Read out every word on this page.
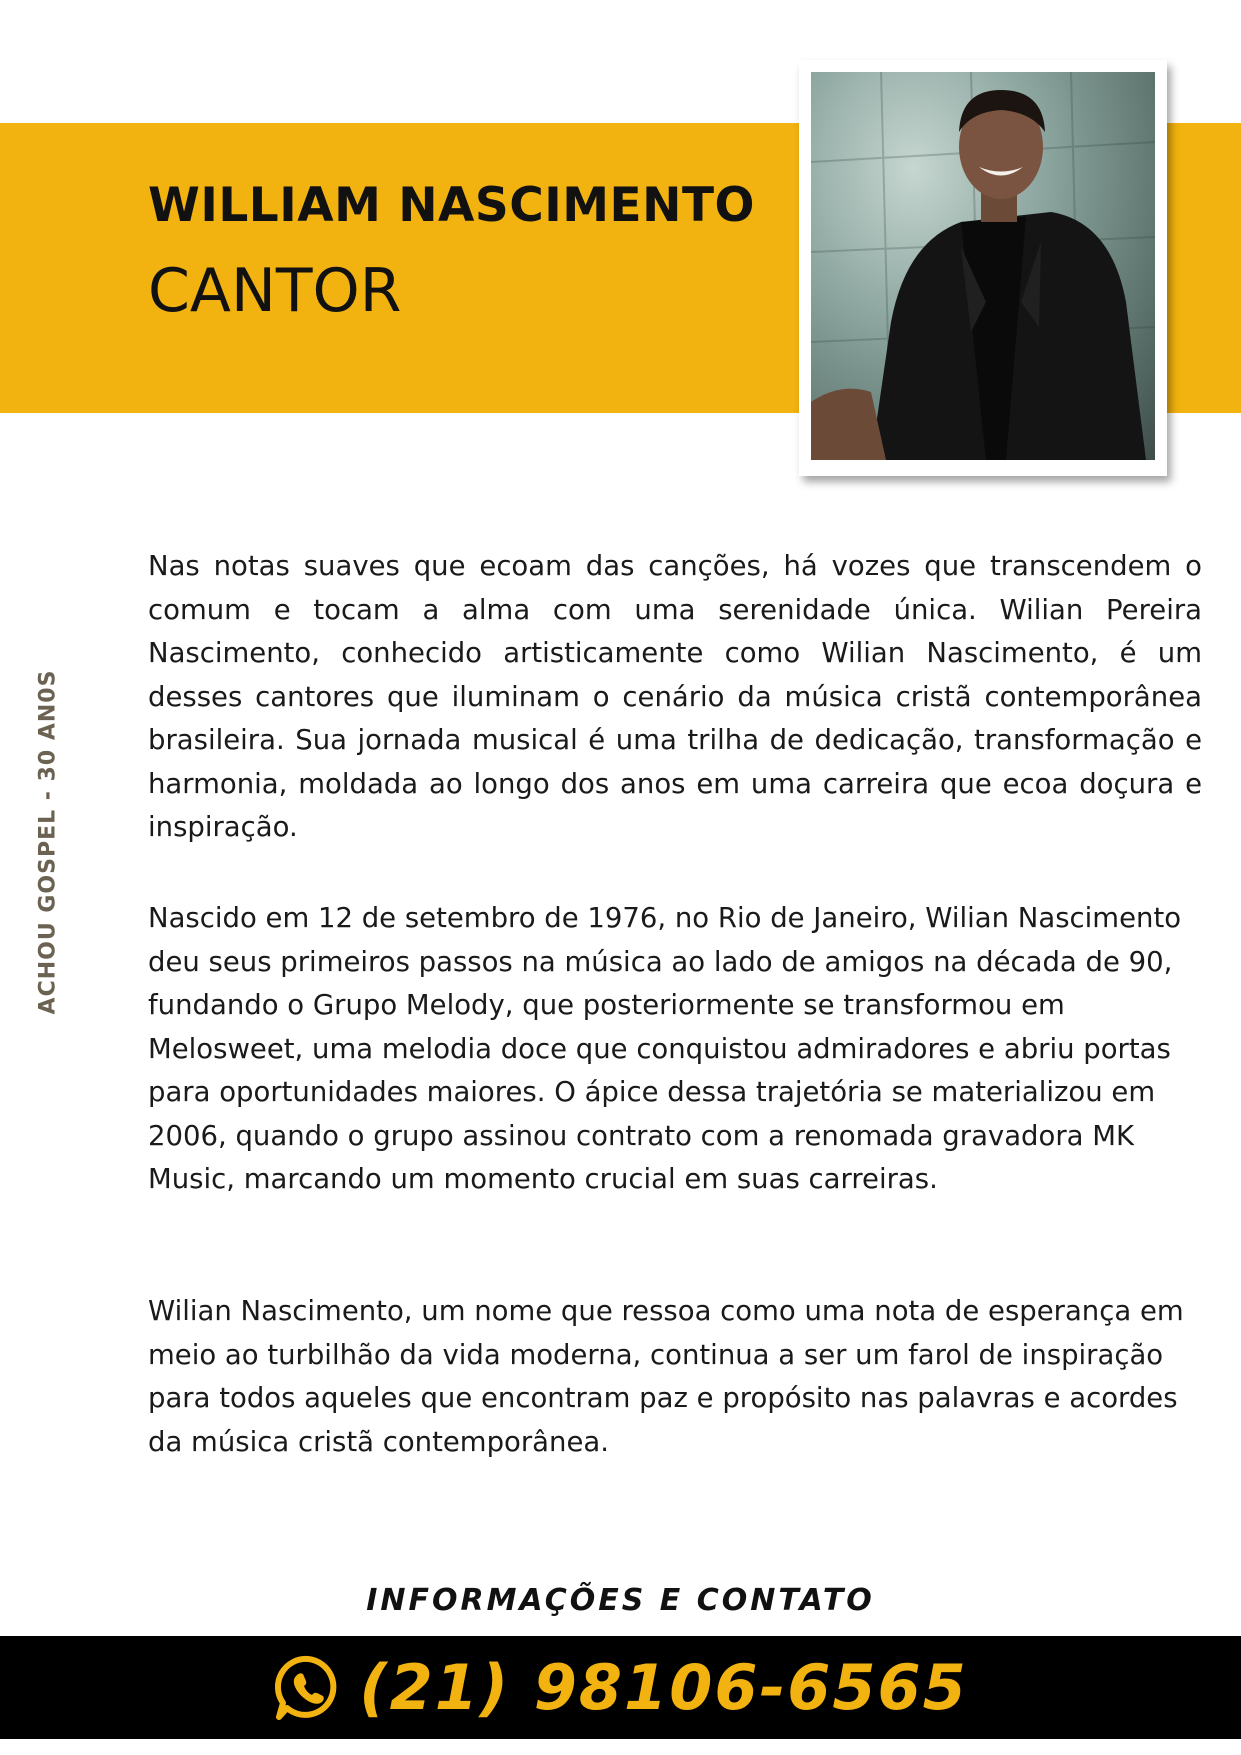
WILLIAM NASCIMENTO
CANTOR
ACHOU GOSPEL - 30 AN0S

Nas notas suaves que ecoam das canções, há vozes que transcendem o comum e tocam a alma com uma serenidade única. Wilian Pereira Nascimento, conhecido artisticamente como Wilian Nascimento, é um desses cantores que iluminam o cenário da música cristã contemporânea brasileira. Sua jornada musical é uma trilha de dedicação, transformação e harmonia, moldada ao longo dos anos em uma carreira que ecoa doçura e inspiração.

Nascido em 12 de setembro de 1976, no Rio de Janeiro, Wilian Nascimento deu seus primeiros passos na música ao lado de amigos na década de 90, fundando o Grupo Melody, que posteriormente se transformou em Melosweet, uma melodia doce que conquistou admiradores e abriu portas para oportunidades maiores. O ápice dessa trajetória se materializou em 2006, quando o grupo assinou contrato com a renomada gravadora MK Music, marcando um momento crucial em suas carreiras.

Wilian Nascimento, um nome que ressoa como uma nota de esperança em meio ao turbilhão da vida moderna, continua a ser um farol de inspiração para todos aqueles que encontram paz e propósito nas palavras e acordes da música cristã contemporânea.

INFORMAÇÕES E CONTATO
(21) 98106-6565
